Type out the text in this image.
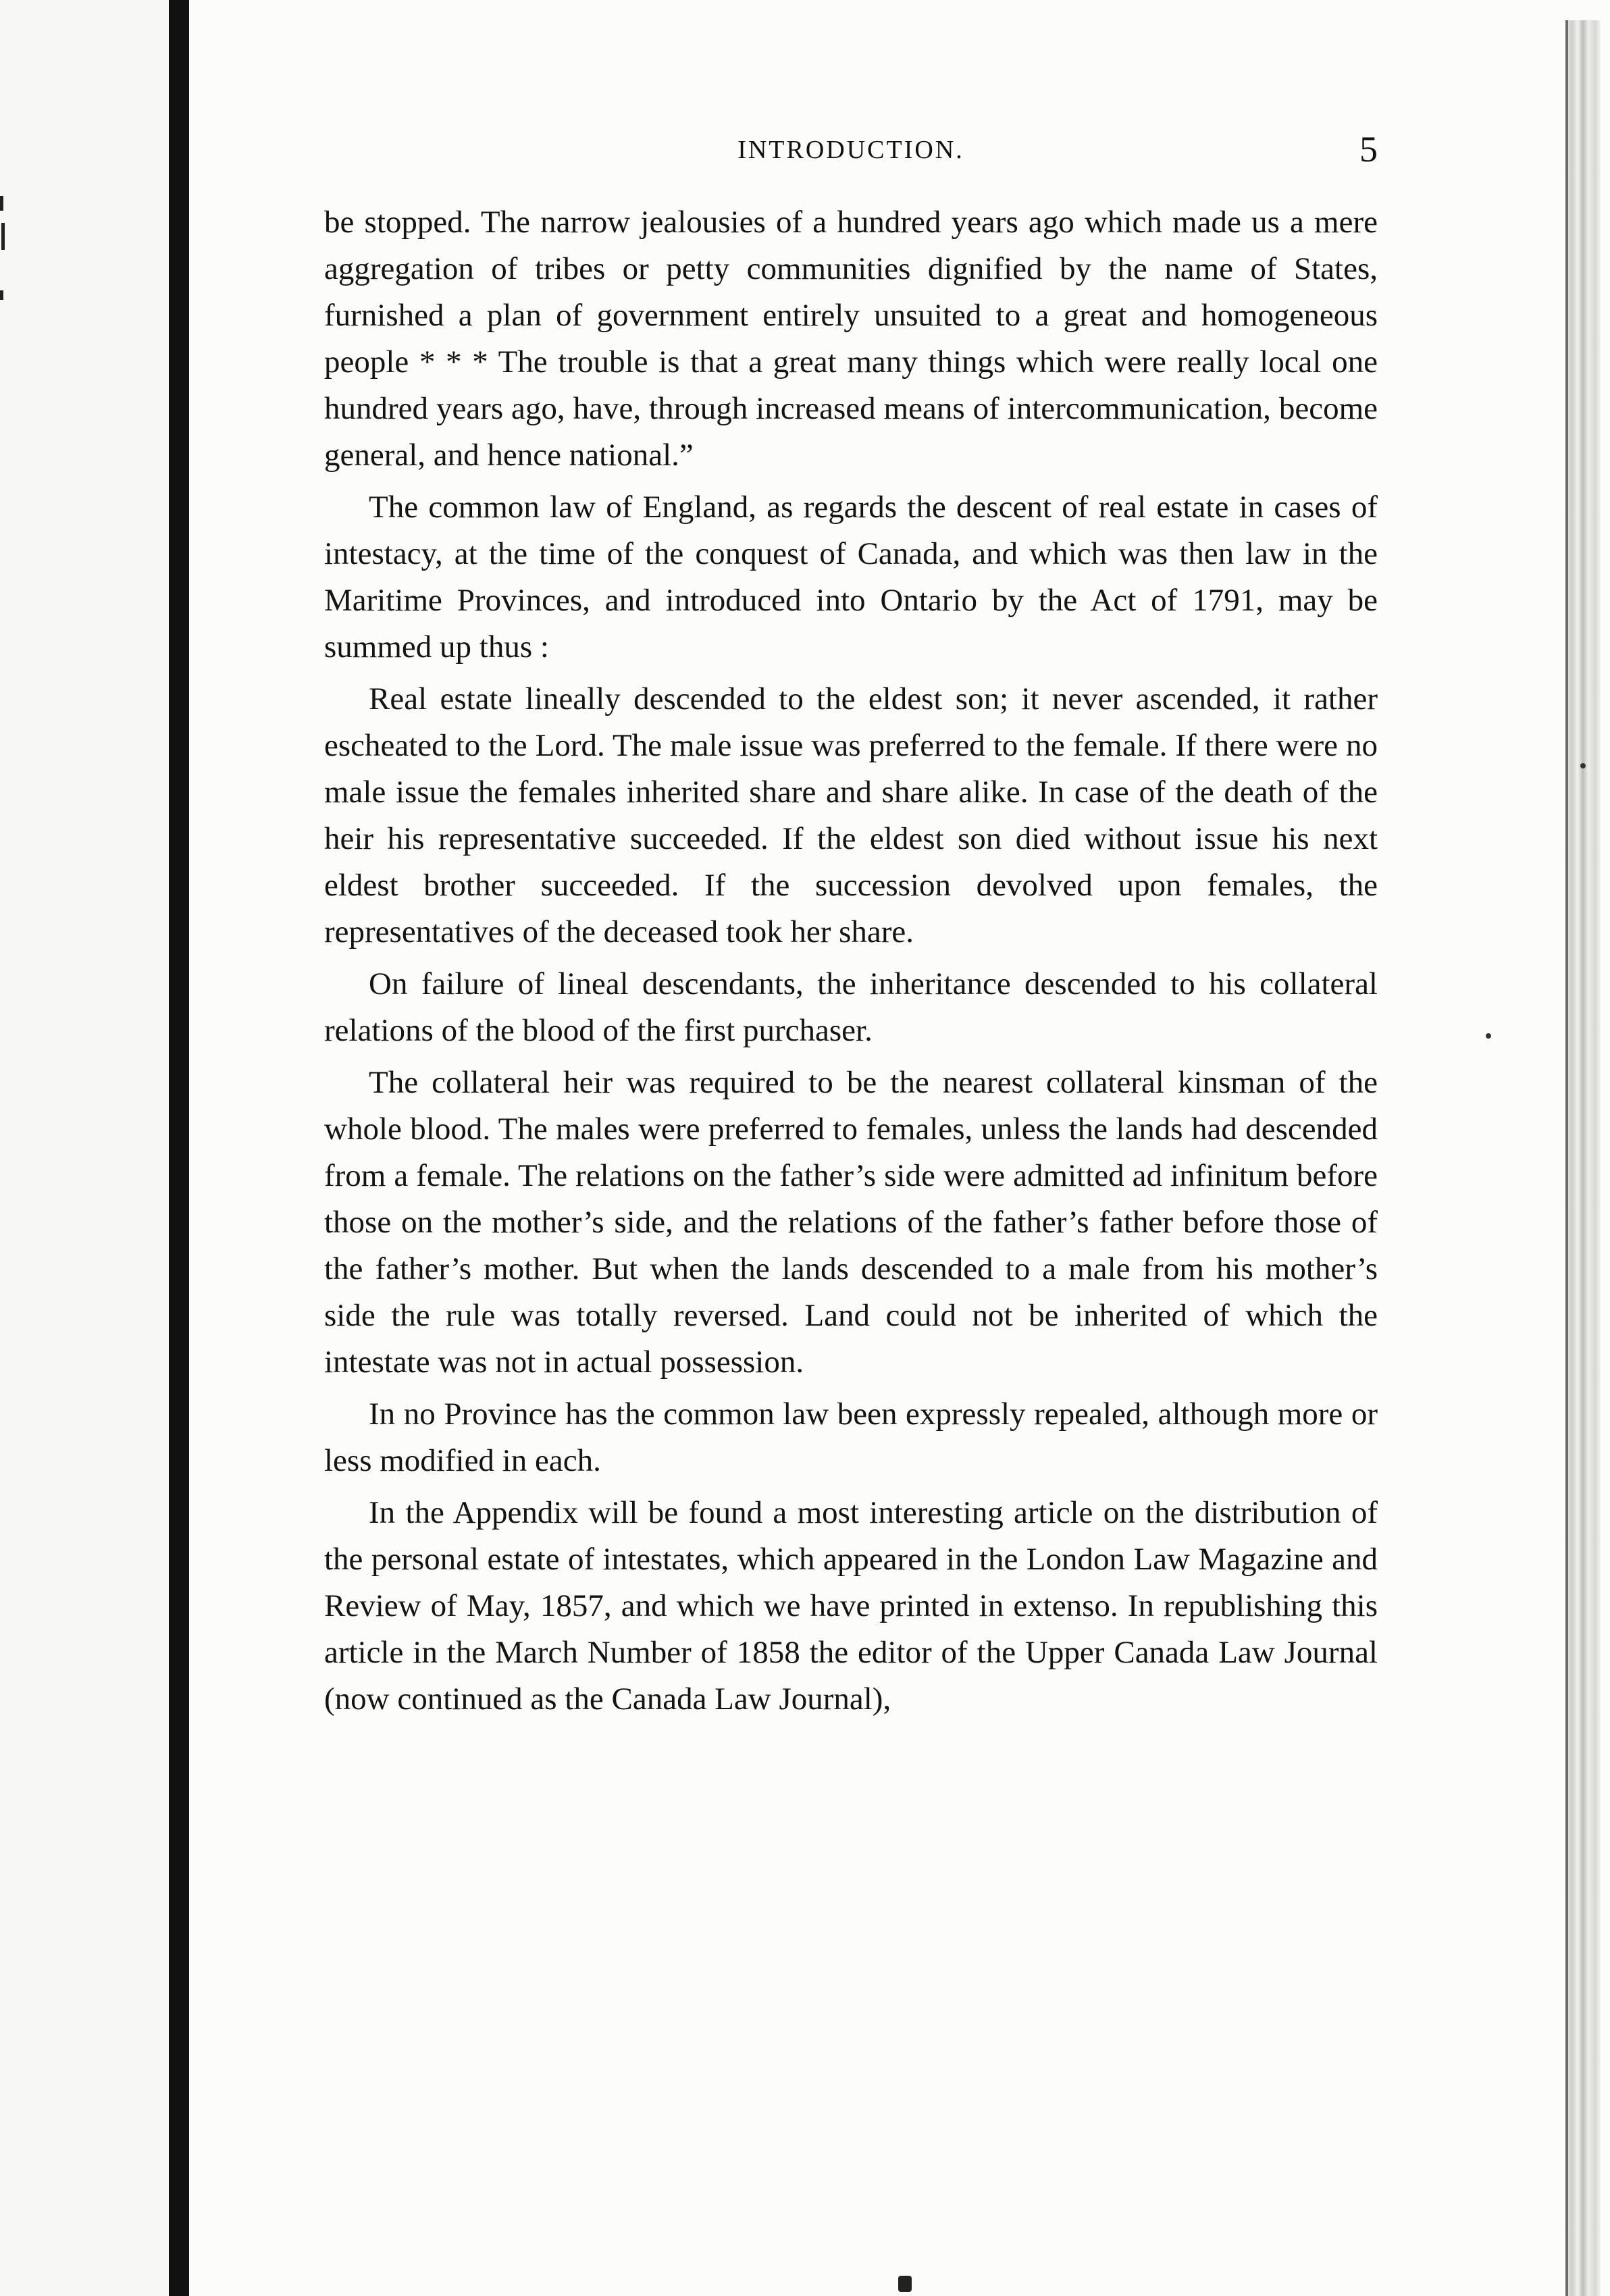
INTRODUCTION.	5

be stopped. The narrow jealousies of a hundred years ago which made us a mere aggregation of tribes or petty communities dignified by the name of States, furnished a plan of government entirely unsuited to a great and homogeneous people * * * The trouble is that a great many things which were really local one hundred years ago, have, through increased means of intercommunication, become general, and hence national.”

The common law of England, as regards the descent of real estate in cases of intestacy, at the time of the conquest of Canada, and which was then law in the Maritime Provinces, and introduced into Ontario by the Act of 1791, may be summed up thus :

Real estate lineally descended to the eldest son; it never ascended, it rather escheated to the Lord. The male issue was preferred to the female. If there were no male issue the females inherited share and share alike. In case of the death of the heir his representative succeeded. If the eldest son died without issue his next eldest brother succeeded. If the succession devolved upon females, the representatives of the deceased took her share.

On failure of lineal descendants, the inheritance descended to his collateral relations of the blood of the first purchaser.

The collateral heir was required to be the nearest collateral kinsman of the whole blood. The males were preferred to females, unless the lands had descended from a female. The relations on the father’s side were admitted ad infinitum before those on the mother’s side, and the relations of the father’s father before those of the father’s mother. But when the lands descended to a male from his mother’s side the rule was totally reversed. Land could not be inherited of which the intestate was not in actual possession.

In no Province has the common law been expressly repealed, although more or less modified in each.

In the Appendix will be found a most interesting article on the distribution of the personal estate of intestates, which appeared in the London Law Magazine and Review of May, 1857, and which we have printed in extenso. In republishing this article in the March Number of 1858 the editor of the Upper Canada Law Journal (now continued as the Canada Law Journal),
